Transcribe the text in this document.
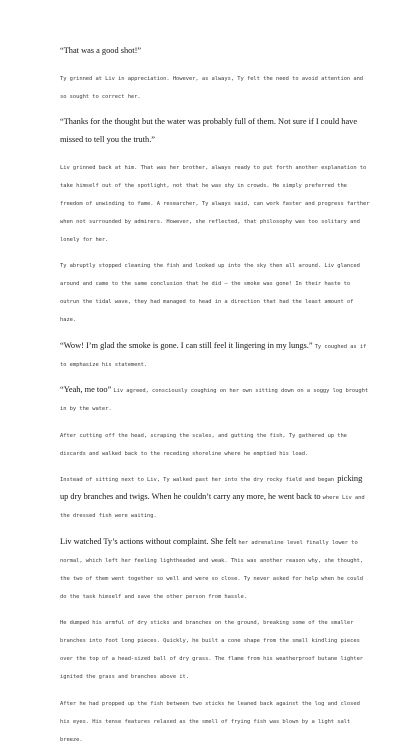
“That was a good shot!”

Ty grinned at Liv in appreciation. However, as always, Ty felt the need to avoid attention and so sought to correct her.

“Thanks for the thought but the water was probably full of them. Not sure if I could have missed to tell you the truth.”

Liv grinned back at him. That was her brother, always ready to put forth another explanation to take himself out of the spotlight, not that he was shy in crowds. He simply preferred the freedom of unwinding to fame. A researcher, Ty always said, can work faster and progress farther when not surrounded by admirers. However, she reflected, that philosophy was too solitary and lonely for her.

Ty abruptly stopped cleaning the fish and looked up into the sky then all around. Liv glanced around and came to the same conclusion that he did – the smoke was gone! In their haste to outrun the tidal wave, they had managed to head in a direction that had the least amount of haze.

“Wow! I’m glad the smoke is gone. I can still feel it lingering in my lungs.” Ty coughed as if to emphasize his statement.

“Yeah, me too” Liv agreed, consciously coughing on her own sitting down on a soggy log brought in by the water.

After cutting off the head, scraping the scales, and gutting the fish, Ty gathered up the discards and walked back to the receding shoreline where he emptied his load.

Instead of sitting next to Liv, Ty walked past her into the dry rocky field and began picking up dry branches and twigs. When he couldn’t carry any more, he went back to where Liv and the dressed fish were waiting.

Liv watched Ty’s actions without complaint. She felt her adrenaline level finally lower to normal, which left her feeling lightheaded and weak. This was another reason why, she thought, the two of them went together so well and were so close. Ty never asked for help when he could do the task himself and save the other person from hassle.

He dumped his armful of dry sticks and branches on the ground, breaking some of the smaller branches into foot long pieces. Quickly, he built a cone shape from the small kindling pieces over the top of a head-sized ball of dry grass. The flame from his weatherproof butane lighter ignited the grass and branches above it.

After he had propped up the fish between two sticks he leaned back against the log and closed his eyes. His tense features relaxed as the smell of frying fish was blown by a light salt breeze.
